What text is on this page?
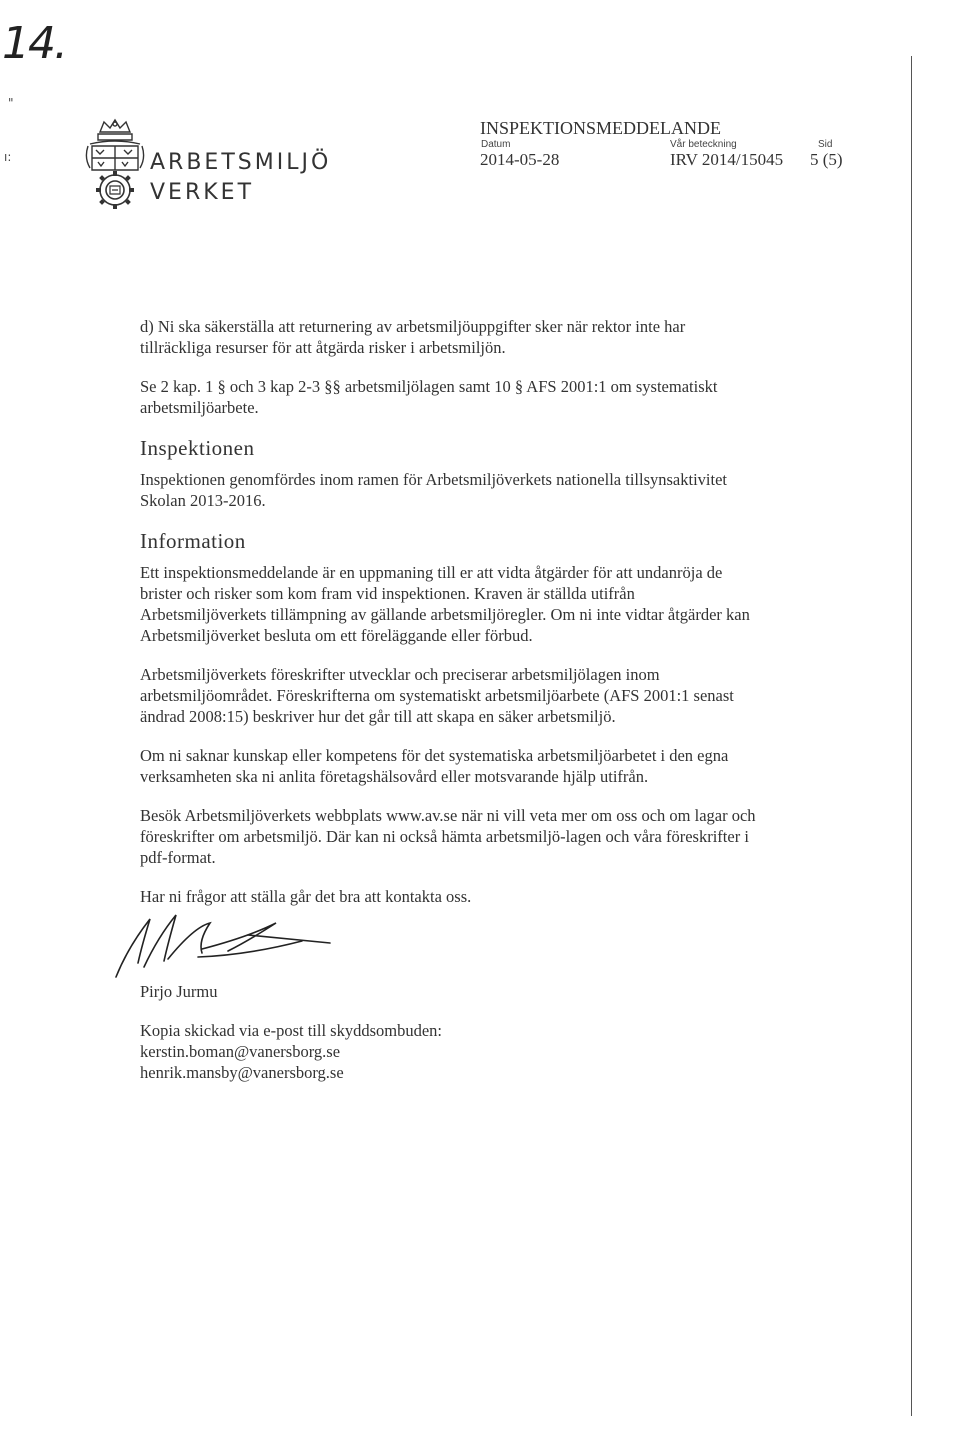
14.
"
ı:	ARBETSMILJÖ
VERKET
INSPEKTIONSMEDDELANDE
Datum
2014-05-28
Vår beteckning
IRV 2014/15045
Sid
5 (5)

d) Ni ska säkerställa att returnering av arbetsmiljöuppgifter sker när rektor inte har tillräckliga resurser för att åtgärda risker i arbetsmiljön.

Se 2 kap. 1 § och 3 kap 2-3 §§ arbetsmiljölagen samt 10 § AFS 2001:1 om systematiskt arbetsmiljöarbete.

Inspektionen

Inspektionen genomfördes inom ramen för Arbetsmiljöverkets nationella tillsynsaktivitet Skolan 2013-2016.

Information

Ett inspektionsmeddelande är en uppmaning till er att vidta åtgärder för att undanröja de brister och risker som kom fram vid inspektionen. Kraven är ställda utifrån Arbetsmiljöverkets tillämpning av gällande arbetsmiljöregler. Om ni inte vidtar åtgärder kan Arbetsmiljöverket besluta om ett föreläggande eller förbud.

Arbetsmiljöverkets föreskrifter utvecklar och preciserar arbetsmiljölagen inom arbetsmiljöområdet. Föreskrifterna om systematiskt arbetsmiljöarbete (AFS 2001:1 senast ändrad 2008:15) beskriver hur det går till att skapa en säker arbetsmiljö.

Om ni saknar kunskap eller kompetens för det systematiska arbetsmiljöarbetet i den egna verksamheten ska ni anlita företagshälsovård eller motsvarande hjälp utifrån.

Besök Arbetsmiljöverkets webbplats www.av.se när ni vill veta mer om oss och om lagar och föreskrifter om arbetsmiljö. Där kan ni också hämta arbetsmiljö-lagen och våra föreskrifter i pdf-format.

Har ni frågor att ställa går det bra att kontakta oss.

Pirjo Jurmu

Kopia skickad via e-post till skyddsombuden:

kerstin.boman@vanersborg.se

henrik.mansby@vanersborg.se
